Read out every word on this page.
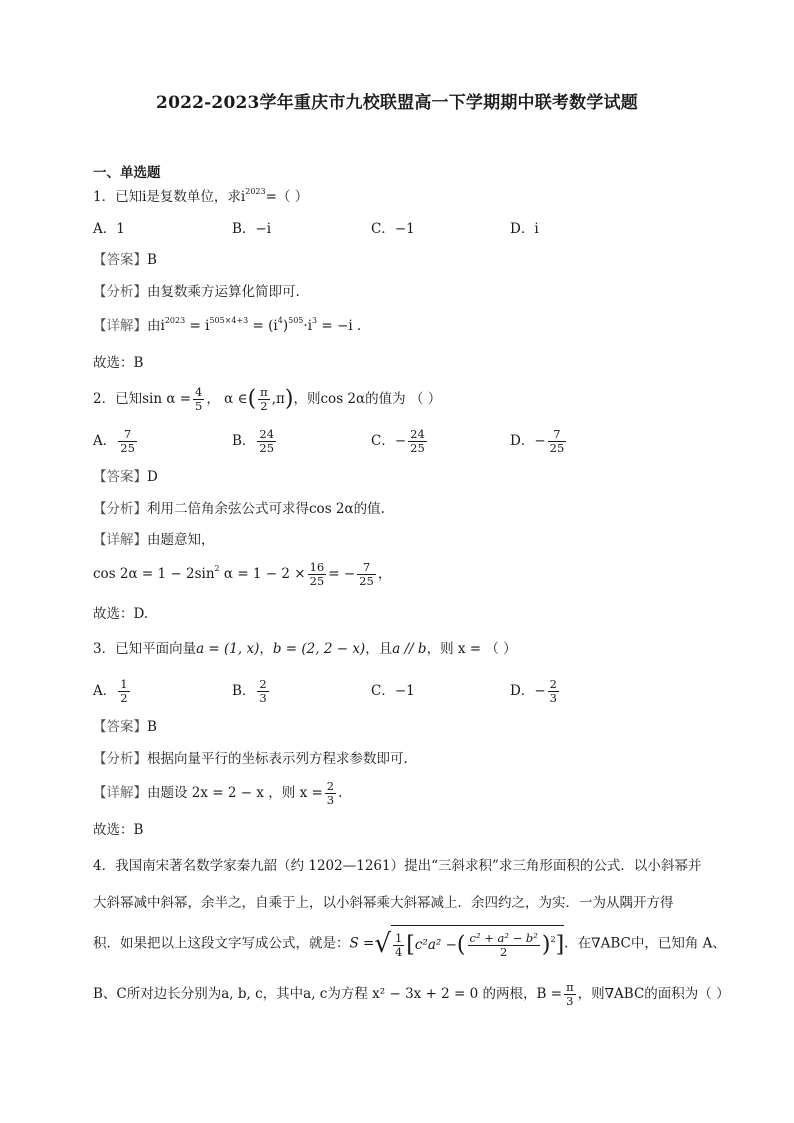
2022-2023学年重庆市九校联盟高一下学期期中联考数学试题
一、单选题
1．已知i是复数单位，求$i^{2023}=$（ ）
A．1	B．−i	C．−1	D．i
【答案】B
【分析】由复数乘方运算化简即可.
【详解】由$i^{2023} = i^{505\times 4+3} = (i^4)^{505}\cdot i^3 = -i$ .
故选：B
2．已知$\sin \alpha = \frac{4}{5}$ ， α ∈( $\frac{\pi}{2} ,\pi$)，则cos 2α的值为 （ ）
A． $\frac{7}{25}$	B． $\frac{24}{25}$	C．− $\frac{24}{25}$	D．− $\frac{7}{25}$
【答案】D
【分析】利用二倍角余弦公式可求得cos 2α的值.
【详解】由题意知，
$\cos 2\alpha = 1 - 2\sin^2$ $\alpha = 1 - 2 \times \frac{16}{25}$ = − $\frac{7}{25}$ ，
故选：D.
3．已知平面向量a = (1, x)，b = (2, 2 − x)，且a // b，则 x = （ ）
A． $\frac{1}{2}$	B． $\frac{2}{3}$	C．−1	D．− $\frac{2}{3}$
【答案】B
【分析】根据向量平行的坐标表示列方程求参数即可.
【详解】由题设 2x = 2 − x ，则 $x = \frac{2}{3}$ .
故选：B
4．我国南宋著名数学家秦九韶（约 1202—1261）提出“三斜求积”求三角形面积的公式．以小斜幂并
大斜幂减中斜幂，余半之，自乘于上，以小斜幂乘大斜幂减上．余四约之，为实．一为从隅开方得
积．如果把以上这段文字写成公式，就是：S =√ $\frac{1}{4} [c^2a^2$ −( $\frac{\text{c² + a² − b²}}{2} )^2$]．在∇ABC中，已知角 A、
B、C所对边长分别为a, b, c，其中a, c为方程 x² − 3x + 2 = 0 的两根，$B = \frac{\pi}{3}$ ，则∇ABC的面积为（ ）
